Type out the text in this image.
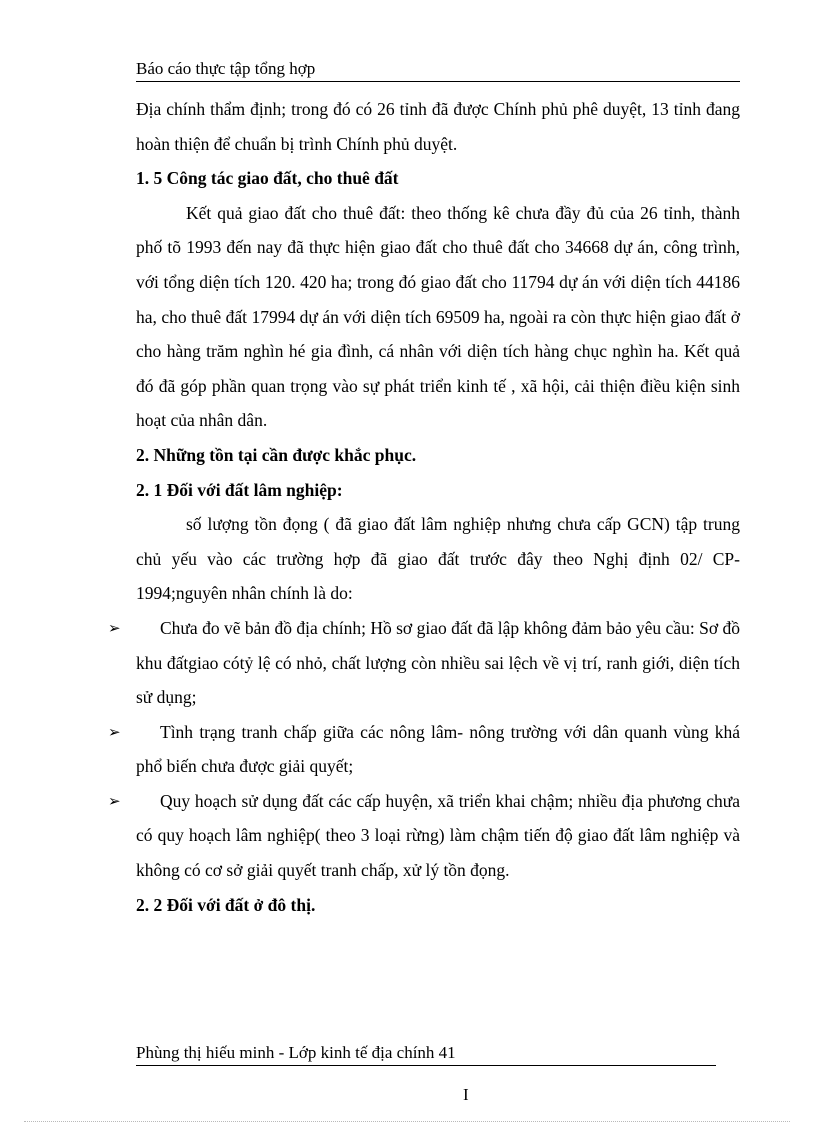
Báo cáo thực tập tổng hợp

Địa chính thẩm định; trong đó có 26 tỉnh đã được Chính phủ phê duyệt, 13 tỉnh đang hoàn thiện để chuẩn bị trình Chính phủ duyệt.

1. 5 Công tác giao đất, cho thuê đất

Kết quả giao đất cho thuê đất: theo thống kê chưa đầy đủ của 26 tỉnh, thành phố tõ 1993 đến nay đã thực hiện giao đất cho thuê đất cho 34668 dự án, công trình, với tổng diện tích 120. 420 ha; trong đó giao đất cho 11794 dự án với diện tích 44186 ha, cho thuê đất 17994 dự án với diện tích 69509 ha, ngoài ra còn thực hiện giao đất ở cho hàng trăm nghìn hé gia đình, cá nhân với diện tích hàng chục nghìn ha. Kết quả đó đã góp phần quan trọng vào sự phát triển kinh tế , xã hội, cải thiện điều kiện sinh hoạt của nhân dân.

2. Những tồn tại cần được khắc phục.

2. 1 Đối với đất lâm nghiệp:

số lượng tồn đọng ( đã giao đất lâm nghiệp nhưng chưa cấp GCN) tập trung chủ yếu vào các trường hợp đã giao đất trước đây theo Nghị định 02/ CP-1994;nguyên nhân chính là do:

➢ Chưa đo vẽ bản đồ địa chính; Hồ sơ giao đất đã lập không đảm bảo yêu cầu: Sơ đồ khu đấtgiao cótỷ lệ có nhỏ, chất lượng còn nhiều sai lệch về vị trí, ranh giới, diện tích sử dụng;

➢ Tình trạng tranh chấp giữa các nông lâm- nông trường với dân quanh vùng khá phổ biến chưa được giải quyết;

➢ Quy hoạch sử dụng đất các cấp huyện, xã triển khai chậm; nhiều địa phương chưa có quy hoạch lâm nghiệp( theo 3 loại rừng) làm chậm tiến độ giao đất lâm nghiệp và không có cơ sở giải quyết tranh chấp, xử lý tồn đọng.

2. 2 Đối với đất ở đô thị.

Phùng thị hiếu minh - Lớp kinh tế địa chính 41
I
